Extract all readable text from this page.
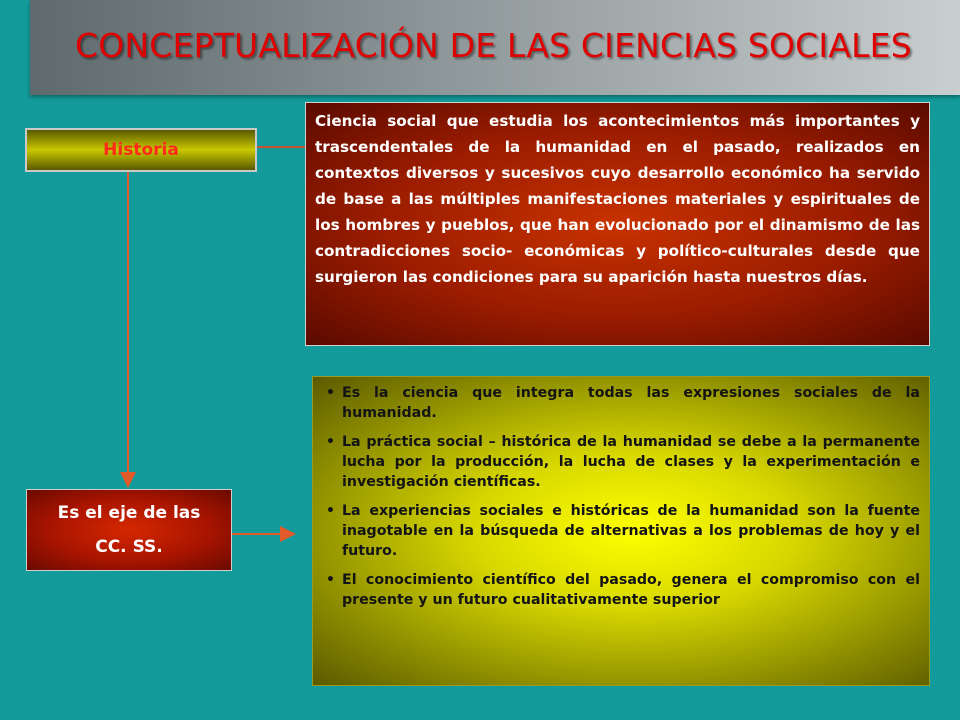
CONCEPTUALIZACIÓN DE LAS CIENCIAS SOCIALES
Historia

Ciencia social que estudia los acontecimientos más importantes y trascendentales de la humanidad en el pasado, realizados en contextos diversos y sucesivos cuyo desarrollo económico ha servido de base a las múltiples manifestaciones materiales y espirituales de los hombres y pueblos, que han evolucionado por el dinamismo de las contradicciones socio- económicas y político-culturales desde que surgieron las condiciones para su aparición hasta nuestros días.

Es el eje de las
CC. SS.
• Es la ciencia que integra todas las expresiones sociales de la humanidad.
• La práctica social – histórica de la humanidad se debe a la permanente lucha por la producción, la lucha de clases y la experimentación e investigación científicas.
• La experiencias sociales e históricas de la humanidad son la fuente inagotable en la búsqueda de alternativas a los problemas de hoy y el futuro.
• El conocimiento científico del pasado, genera el compromiso con el presente y un futuro cualitativamente superior
